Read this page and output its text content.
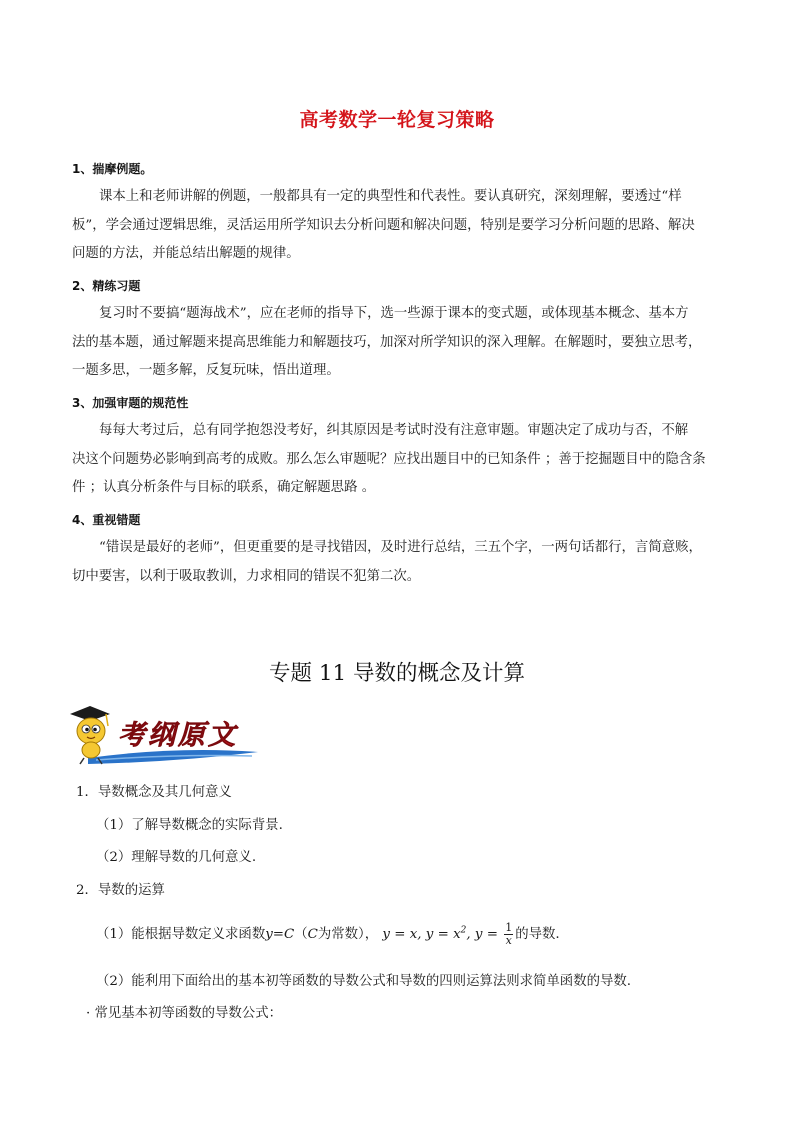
高考数学一轮复习策略
1、揣摩例题。
课本上和老师讲解的例题，一般都具有一定的典型性和代表性。要认真研究，深刻理解，要透过“样
板”，学会通过逻辑思维，灵活运用所学知识去分析问题和解决问题，特别是要学习分析问题的思路、解决
问题的方法，并能总结出解题的规律。
2、精练习题
复习时不要搞“题海战术”，应在老师的指导下，选一些源于课本的变式题，或体现基本概念、基本方
法的基本题，通过解题来提高思维能力和解题技巧，加深对所学知识的深入理解。在解题时，要独立思考，
一题多思，一题多解，反复玩味，悟出道理。
3、加强审题的规范性
每每大考过后，总有同学抱怨没考好，纠其原因是考试时没有注意审题。审题决定了成功与否，不解
决这个问题势必影响到高考的成败。那么怎么审题呢？应找出题目中的已知条件 ；善于挖掘题目中的隐含条
件 ；认真分析条件与目标的联系，确定解题思路 。
4、重视错题
“错误是最好的老师”，但更重要的是寻找错因，及时进行总结，三五个字，一两句话都行，言简意赅，
切中要害，以利于吸取教训，力求相同的错误不犯第二次。
专题 11 导数的概念及计算
考纲原文
1．导数概念及其几何意义
（1）了解导数概念的实际背景.
（2）理解导数的几何意义.
2．导数的运算
（1）能根据导数定义求函数y=C（C为常数）， y = x, $y = x^2$, $y = \frac{1}{x}$ 的导数.
（2）能利用下面给出的基本初等函数的导数公式和导数的四则运算法则求简单函数的导数.
· 常见基本初等函数的导数公式：
